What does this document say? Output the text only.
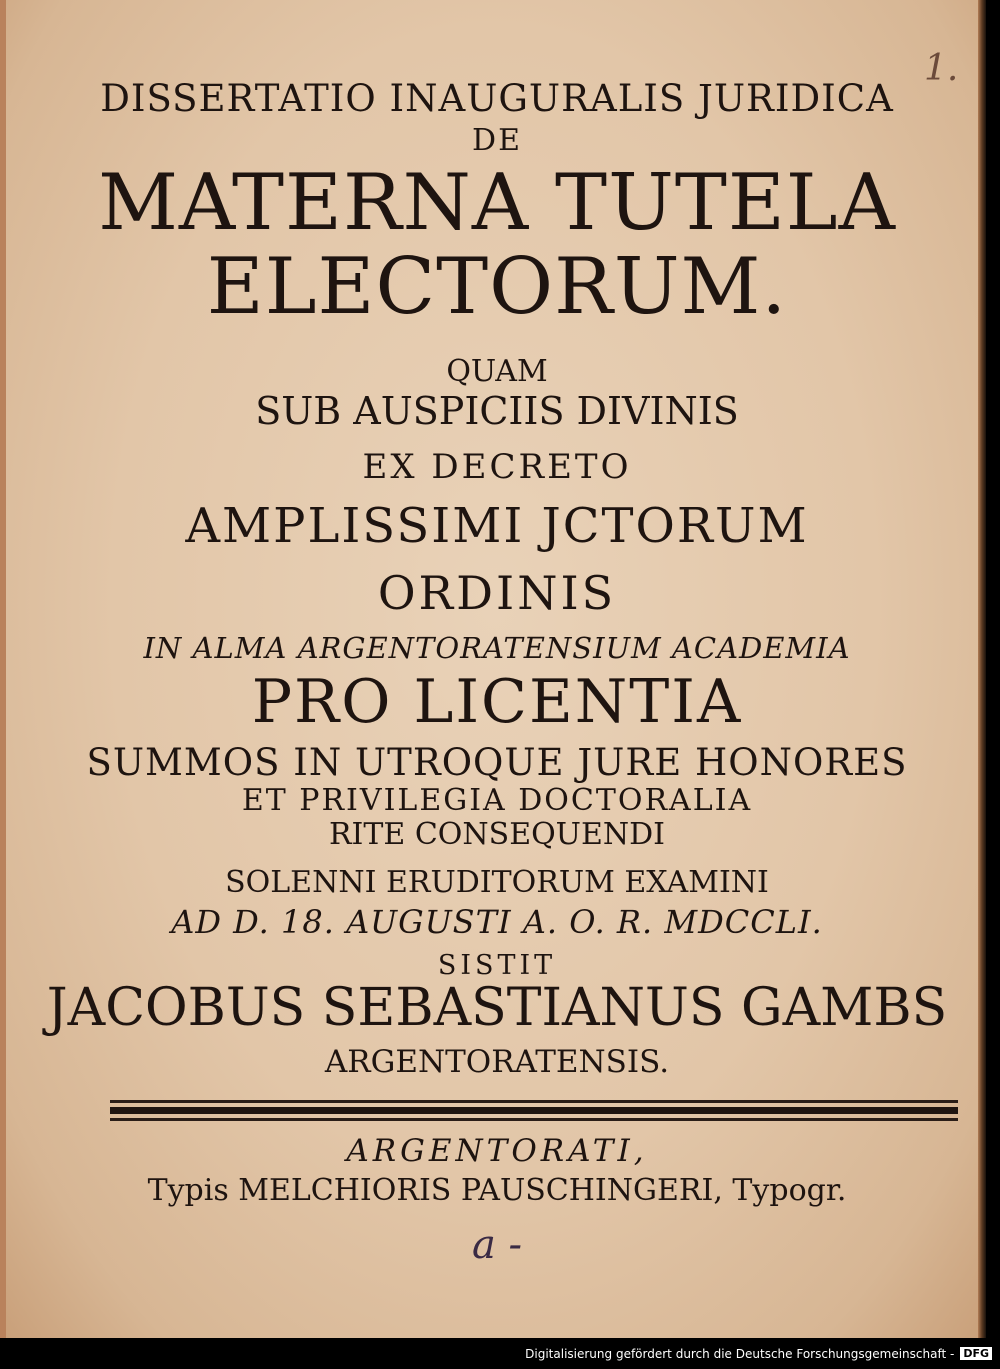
1.
DISSERTATIO INAUGURALIS JURIDICA
DE
MATERNA TUTELA
ELECTORUM.
QUAM
SUB AUSPICIIS DIVINIS
EX DECRETO
AMPLISSIMI JCTORUM
ORDINIS
IN ALMA ARGENTORATENSIUM ACADEMIA
PRO LICENTIA
SUMMOS IN UTROQUE JURE HONORES
ET PRIVILEGIA DOCTORALIA
RITE CONSEQUENDI
SOLENNI ERUDITORUM EXAMINI
AD D. 18. AUGUSTI A. O. R. MDCCLI.
SISTIT
JACOBUS SEBASTIANUS GAMBS
ARGENTORATENSIS.
ARGENTORATI,
Typis MELCHIORIS PAUSCHINGERI, Typogr.
a -
Digitalisierung gefördert durch die Deutsche Forschungsgemeinschaft - DFG
